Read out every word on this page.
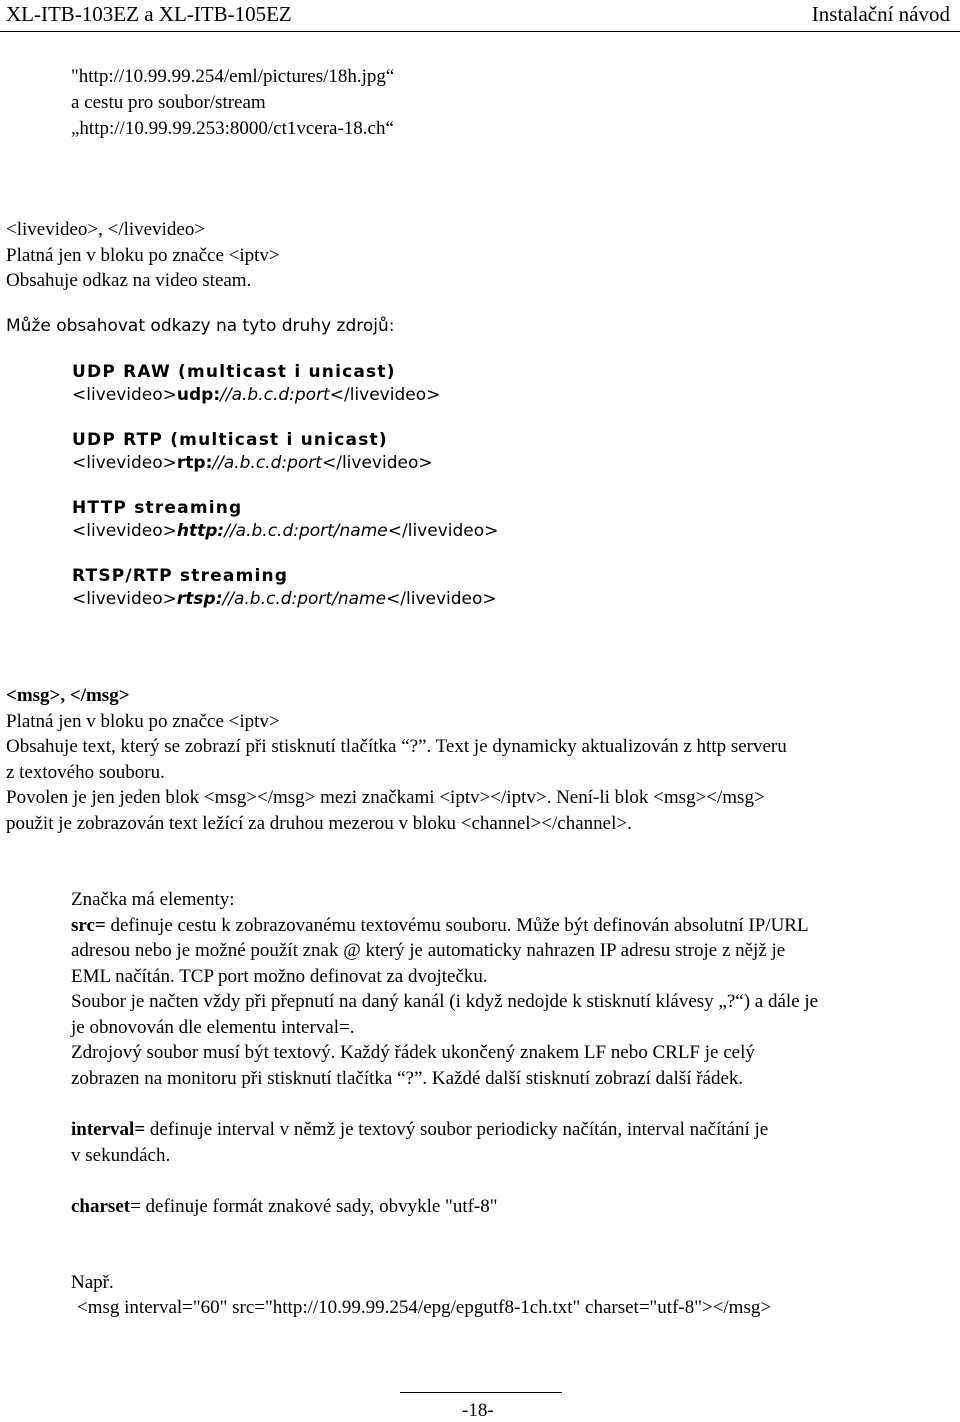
XL-ITB-103EZ a XL-ITB-105EZ	Instalační návod
"http://10.99.99.254/eml/pictures/18h.jpg“
a cestu pro soubor/stream
„http://10.99.99.253:8000/ct1vcera-18.ch“
<livevideo>, </livevideo>
Platná jen v bloku po značce <iptv>
Obsahuje odkaz na video steam.
Může obsahovat odkazy na tyto druhy zdrojů:
UDP RAW (multicast i unicast)
<livevideo>udp://a.b.c.d:port</livevideo>
UDP RTP (multicast i unicast)
<livevideo>rtp://a.b.c.d:port</livevideo>
HTTP streaming
<livevideo>http://a.b.c.d:port/name</livevideo>
RTSP/RTP streaming
<livevideo>rtsp://a.b.c.d:port/name</livevideo>
<msg>, </msg>
Platná jen v bloku po značce <iptv>
Obsahuje text, který se zobrazí při stisknutí tlačítka “?”. Text je dynamicky aktualizován z http serveru
z textového souboru.
Povolen je jen jeden blok <msg></msg> mezi značkami <iptv></iptv>. Není-li blok <msg></msg>
použit je zobrazován text ležící za druhou mezerou v bloku <channel></channel>.
Značka má elementy:
src= definuje cestu k zobrazovanému textovému souboru. Může být definován absolutní IP/URL
adresou nebo je možné použít znak @ který je automaticky nahrazen IP adresu stroje z nějž je
EML načítán. TCP port možno definovat za dvojtečku.
Soubor je načten vždy při přepnutí na daný kanál (i když nedojde k stisknutí klávesy „?“) a dále je
je obnovován dle elementu interval=.
Zdrojový soubor musí být textový. Každý řádek ukončený znakem LF nebo CRLF je celý
zobrazen na monitoru při stisknutí tlačítka “?”. Každé další stisknutí zobrazí další řádek.
interval= definuje interval v němž je textový soubor periodicky načítán, interval načítání je
v sekundách.
charset= definuje formát znakové sady, obvykle "utf-8"
Např.
<msg interval="60" src="http://10.99.99.254/epg/epgutf8-1ch.txt" charset="utf-8"></msg>
-18-
